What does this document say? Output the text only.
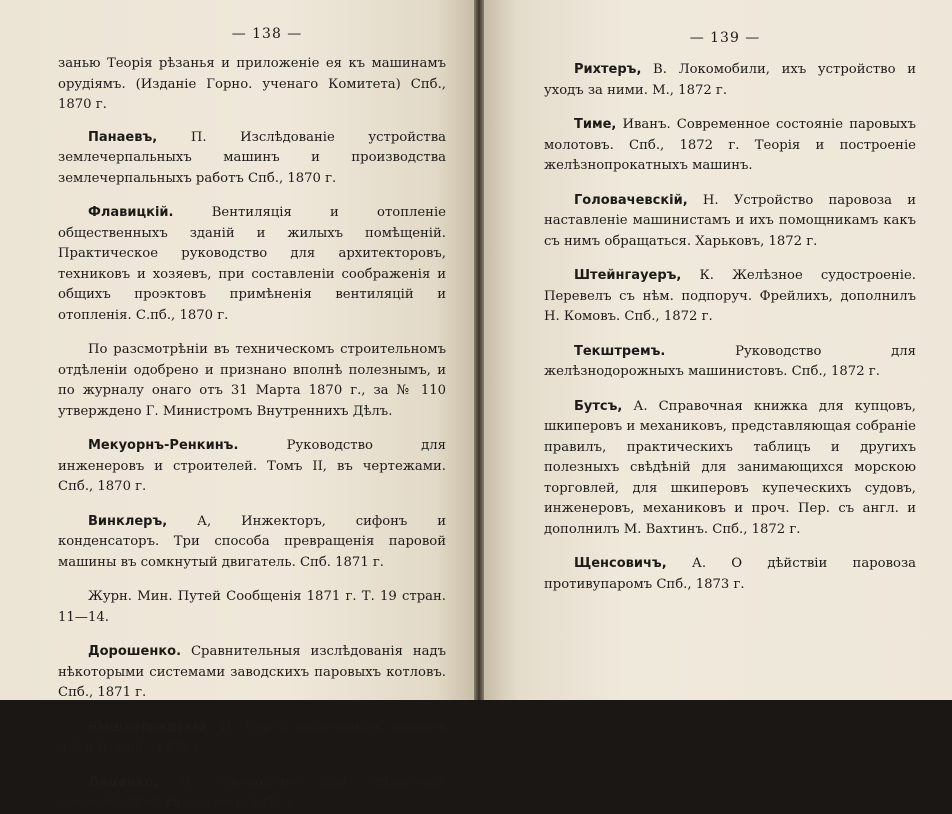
— 138 —

занью Теорія рѣзанья и приложеніе ея къ машинамъ орудіямъ. (Изданіе Горно. ученаго Комитета) Спб., 1870 г.

Панаевъ, П. Изслѣдованіе устройства землечерпальныхъ машинъ и производства землечерпальныхъ работъ Спб., 1870 г.

Флавицкій. Вентиляція и отопленіе общественныхъ зданій и жилыхъ помѣщеній. Практическое руководство для архитекторовъ, техниковъ и хозяевъ, при составленіи соображенія и общихъ проэктовъ примѣненія вентиляцій и отопленія. С.пб., 1870 г.

По разсмотрѣніи въ техническомъ строительномъ отдѣленіи одобрено и признано вполнѣ полезнымъ, и по журналу онаго отъ 31 Марта 1870 г., за № 110 утверждено Г. Министромъ Внутреннихъ Дѣлъ.

Мекуорнъ-Ренкинъ. Руководство для инженеровъ и строителей. Томъ II, въ чертежами. Спб., 1870 г.

Винклеръ, А, Инжекторъ, сифонъ и конденсаторъ. Три способа превращенія паровой машины въ сомкнутый двигатель. Спб. 1871 г.

Журн. Мин. Путей Сообщенія 1871 г. Т. 19 стран. 11—14.

Дорошенко. Сравнительныя изслѣдованія надъ нѣкоторыми системами заводскихъ паровыхъ котловъ. Спб., 1871 г.

Вышнеградскій. И. Курсъ подъемныхъ машинъ ч. I и II. Спб., 1872 г.

Даценко, В. Руководство для управленія локомобилями Николаевъ, 1872 г.

— 139 —

Рихтеръ, В. Локомобили, ихъ устройство и уходъ за ними. М., 1872 г.

Тиме, Иванъ. Современное состояніе паровыхъ молотовъ. Спб., 1872 г. Теорія и построеніе желѣзнопрокатныхъ машинъ.

Головачевскій, Н. Устройство паровоза и наставленіе машинистамъ и ихъ помощникамъ какъ съ нимъ обращаться. Харьковъ, 1872 г.

Штейнгауеръ, К. Желѣзное судостроеніе. Перевелъ съ нѣм. подпоруч. Фрейлихъ, дополнилъ Н. Комовъ. Спб., 1872 г.

Текштремъ. Руководство для желѣзнодорожныхъ машинистовъ. Спб., 1872 г.

Бутсъ, А. Справочная книжка для купцовъ, шкиперовъ и механиковъ, представляющая собраніе правилъ, практическихъ таблицъ и другихъ полезныхъ свѣдѣній для занимающихся морскою торговлей, для шкиперовъ купеческихъ судовъ, инженеровъ, механиковъ и проч. Пер. съ англ. и дополнилъ М. Вахтинъ. Спб., 1872 г.

Щенсовичъ, А. О дѣйствіи паровоза противупаромъ Спб., 1873 г.
